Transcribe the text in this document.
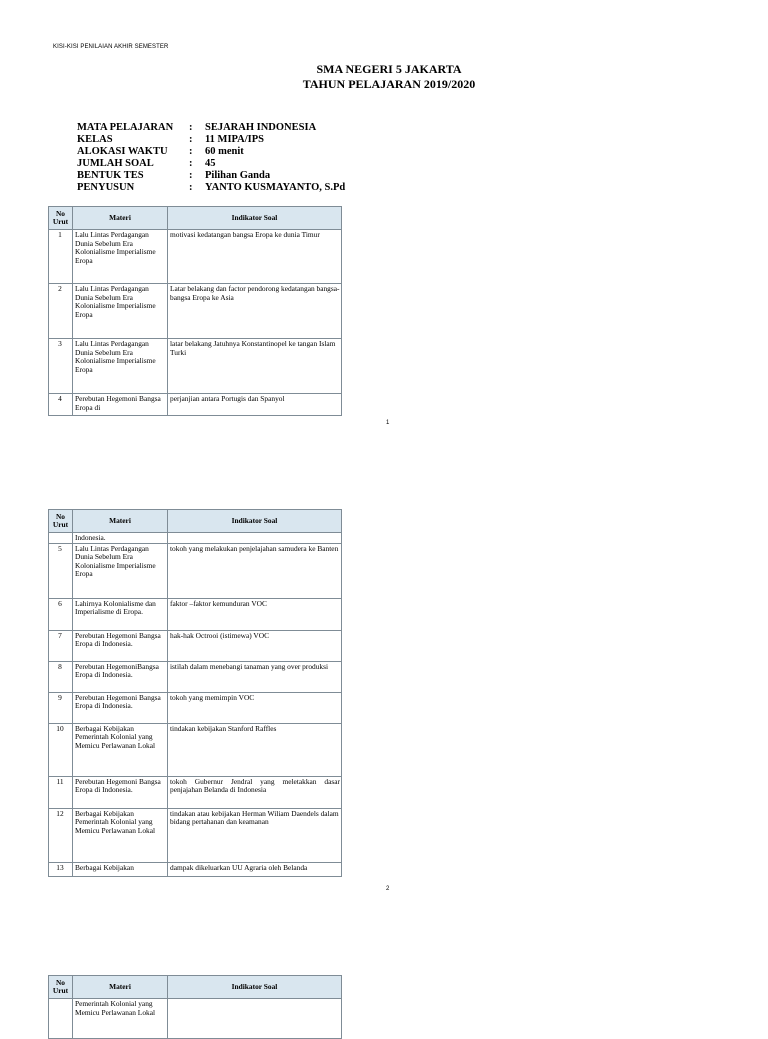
KISI-KISI PENILAIAN AKHIR SEMESTER
SMA NEGERI 5 JAKARTA
TAHUN PELAJARAN 2019/2020
MATA PELAJARAN	:	SEJARAH INDONESIA
KELAS	:	11 MIPA/IPS
ALOKASI WAKTU	:	60 menit
JUMLAH SOAL	:	45
BENTUK TES	:	Pilihan Ganda
PENYUSUN	:	YANTO KUSMAYANTO, S.Pd
No
Urut	Materi	Indikator Soal
1	Lalu Lintas Perdagangan Dunia Sebelum Era Kolonialisme Imperialisme Eropa	motivasi kedatangan bangsa Eropa ke dunia Timur
2	Lalu Lintas Perdagangan Dunia Sebelum Era Kolonialisme Imperialisme Eropa	Latar belakang dan factor pendorong kedatangan bangsa-bangsa Eropa ke Asia
3	Lalu Lintas Perdagangan Dunia Sebelum Era Kolonialisme Imperialisme Eropa	latar belakang Jatuhnya Konstantinopel ke tangan Islam Turki
4	Perebutan Hegemoni Bangsa Eropa di	perjanjian antara Portugis dan Spanyol
1
No
Urut	Materi	Indikator Soal
	Indonesia.	
5	Lalu Lintas Perdagangan Dunia Sebelum Era Kolonialisme Imperialisme Eropa	tokoh yang melakukan penjelajahan samudera ke Banten
6	Lahirnya Kolonialisme dan Imperialisme di Eropa.	faktor –faktor kemunduran VOC
7	Perebutan Hegemoni Bangsa Eropa di Indonesia.	hak-hak Octrooi (istimewa) VOC
8	Perebutan HegemoniBangsa Eropa di Indonesia.	istilah dalam menebangi tanaman yang over produksi
9	Perebutan Hegemoni Bangsa Eropa di Indonesia.	tokoh yang memimpin VOC
10	Berbagai Kebijakan Pemerintah Kolonial yang Memicu Perlawanan Lokal	tindakan kebijakan Stanford Raffles
11	Perebutan Hegemoni Bangsa Eropa di Indonesia.	tokoh Gubernur Jendral yang meletakkan dasar penjajahan Belanda di Indonesia
12	Berbagai Kebijakan Pemerintah Kolonial yang Memicu Perlawanan Lokal	tindakan atau kebijakan Herman Wiliam Daendels dalam bidang pertahanan dan keamanan
13	Berbagai Kebijakan	dampak dikeluarkan UU Agraria oleh Belanda
2
No
Urut	Materi	Indikator Soal
	Pemerintah Kolonial yang Memicu Perlawanan Lokal	
